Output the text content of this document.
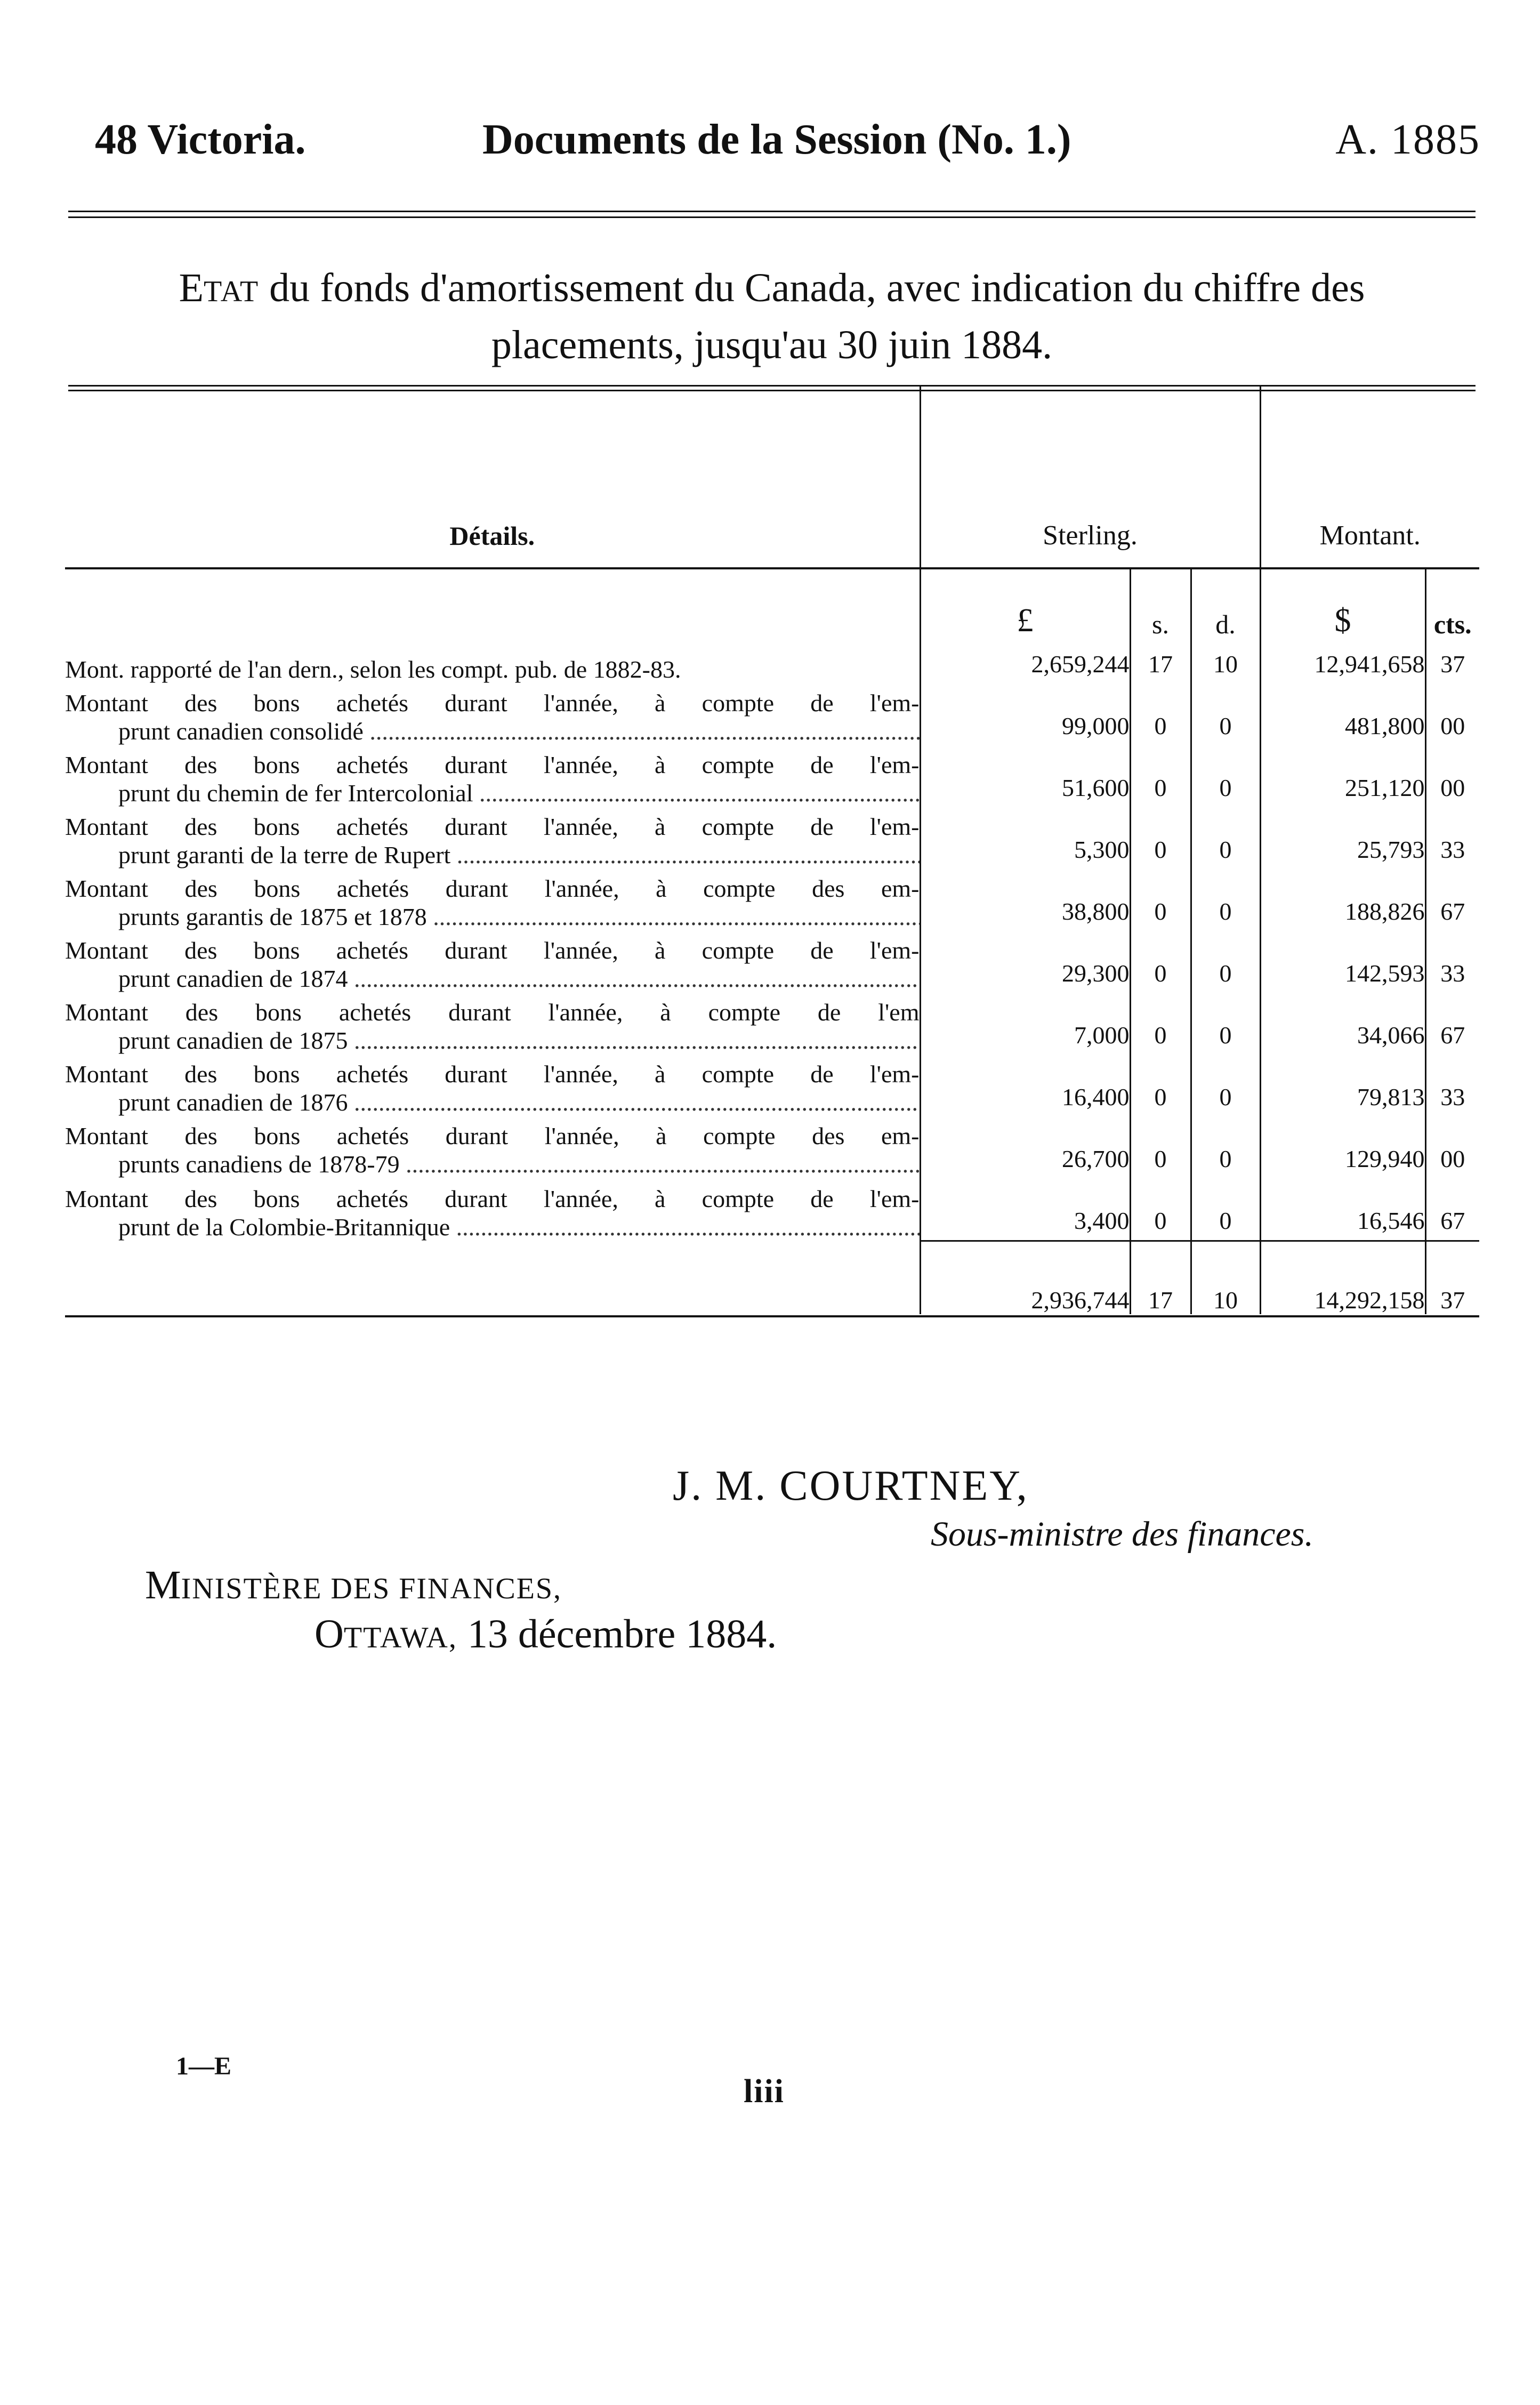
48 Victoria.	Documents de la Session (No. 1.)	A. 1885
ETAT du fonds d'amortissement du Canada, avec indication du chiffre des
placements, jusqu'au 30 juin 1884.
Détails.	Sterling.			Montant.	

	£	s.	d.	$	cts.

Mont. rapporté de l'an dern., selon les compt. pub. de 1882-83.	2,659,244	17	10	12,941,658	37

Montant des bons achetés durant l'année, à compte de l'em-
prunt canadien consolidé .....	99,000	0	0	481,800	00

Montant des bons achetés durant l'année, à compte de l'em-
prunt du chemin de fer Intercolonial .....	51,600	0	0	251,120	00

Montant des bons achetés durant l'année, à compte de l'em-
prunt garanti de la terre de Rupert .....	5,300	0	0	25,793	33

Montant des bons achetés durant l'année, à compte des em-
prunts garantis de 1875 et 1878 .....	38,800	0	0	188,826	67

Montant des bons achetés durant l'année, à compte de l'em-
prunt canadien de 1874 .....	29,300	0	0	142,593	33

Montant des bons achetés durant l'année, à compte de l'em
prunt canadien de 1875 .....	7,000	0	0	34,066	67

Montant des bons achetés durant l'année, à compte de l'em-
prunt canadien de 1876 .....	16,400	0	0	79,813	33

Montant des bons achetés durant l'année, à compte des em-
prunts canadiens de 1878-79 .....	26,700	0	0	129,940	00

Montant des bons achetés durant l'année, à compte de l'em-
prunt de la Colombie-Britannique .....	3,400	0	0	16,546	67
	2,936,744	17	10	14,292,158	37
J. M. COURTNEY,
Sous-ministre des finances.
MINISTÈRE DES FINANCES,
OTTAWA, 13 décembre 1884.
1—E
liii
